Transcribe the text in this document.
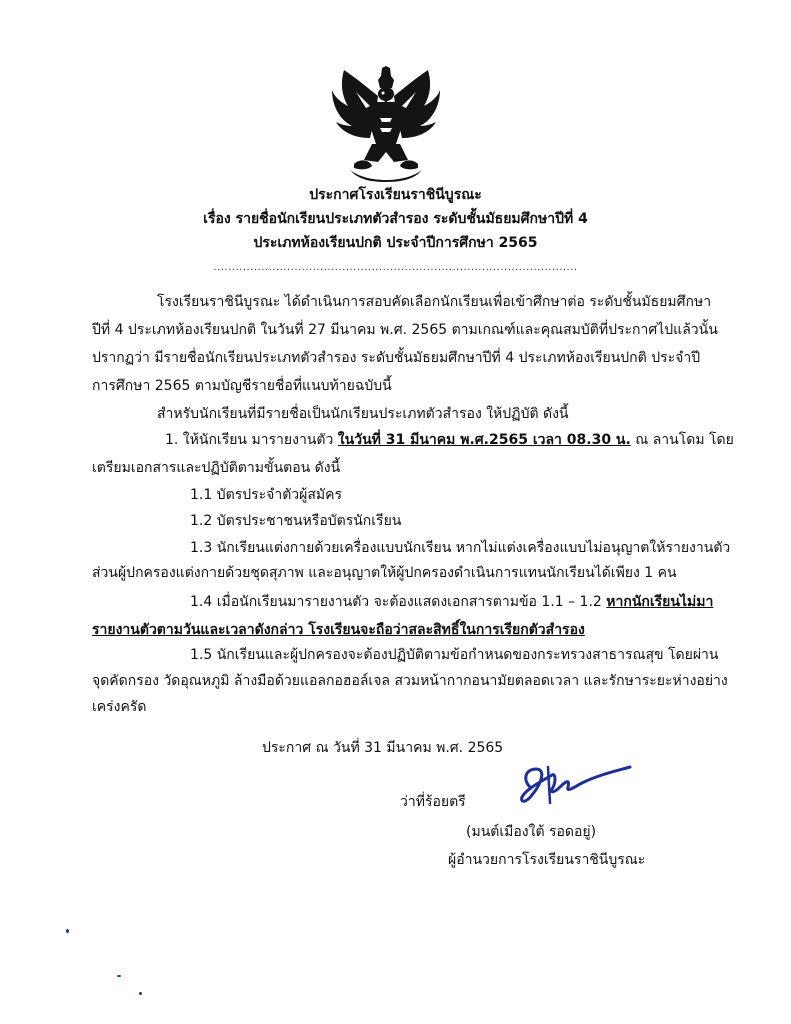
ประกาศโรงเรียนราชินีบูรณะ
เรื่อง รายชื่อนักเรียนประเภทตัวสำรอง ระดับชั้นมัธยมศึกษาปีที่ 4
ประเภทห้องเรียนปกติ ประจำปีการศึกษา 2565
...................................................................................................
โรงเรียนราชินีบูรณะ ได้ดำเนินการสอบคัดเลือกนักเรียนเพื่อเข้าศึกษาต่อ ระดับชั้นมัธยมศึกษา
ปีที่ 4 ประเภทห้องเรียนปกติ ในวันที่ 27 มีนาคม พ.ศ. 2565 ตามเกณฑ์และคุณสมบัติที่ประกาศไปแล้วนั้น
ปรากฏว่า มีรายชื่อนักเรียนประเภทตัวสำรอง ระดับชั้นมัธยมศึกษาปีที่ 4 ประเภทห้องเรียนปกติ ประจำปี
การศึกษา 2565 ตามบัญชีรายชื่อที่แนบท้ายฉบับนี้
สำหรับนักเรียนที่มีรายชื่อเป็นนักเรียนประเภทตัวสำรอง ให้ปฏิบัติ ดังนี้
1. ให้นักเรียน มารายงานตัว ในวันที่ 31 มีนาคม พ.ศ.2565 เวลา 08.30 น. ณ ลานโดม โดย
เตรียมเอกสารและปฏิบัติตามขั้นตอน ดังนี้
1.1 บัตรประจำตัวผู้สมัคร
1.2 บัตรประชาชนหรือบัตรนักเรียน
1.3 นักเรียนแต่งกายด้วยเครื่องแบบนักเรียน หากไม่แต่งเครื่องแบบไม่อนุญาตให้รายงานตัว
ส่วนผู้ปกครองแต่งกายด้วยชุดสุภาพ และอนุญาตให้ผู้ปกครองดำเนินการแทนนักเรียนได้เพียง 1 คน
1.4 เมื่อนักเรียนมารายงานตัว จะต้องแสดงเอกสารตามข้อ 1.1 – 1.2 หากนักเรียนไม่มา
รายงานตัวตามวันและเวลาดังกล่าว โรงเรียนจะถือว่าสละสิทธิ์ในการเรียกตัวสำรอง
1.5 นักเรียนและผู้ปกครองจะต้องปฏิบัติตามข้อกำหนดของกระทรวงสาธารณสุข โดยผ่าน
จุดคัดกรอง วัดอุณหภูมิ ล้างมือด้วยแอลกอฮอล์เจล สวมหน้ากากอนามัยตลอดเวลา และรักษาระยะห่างอย่าง
เคร่งครัด
ประกาศ ณ วันที่ 31 มีนาคม พ.ศ. 2565
ว่าที่ร้อยตรี
(มนต์เมืองใต้ รอดอยู่)
ผู้อำนวยการโรงเรียนราชินีบูรณะ
